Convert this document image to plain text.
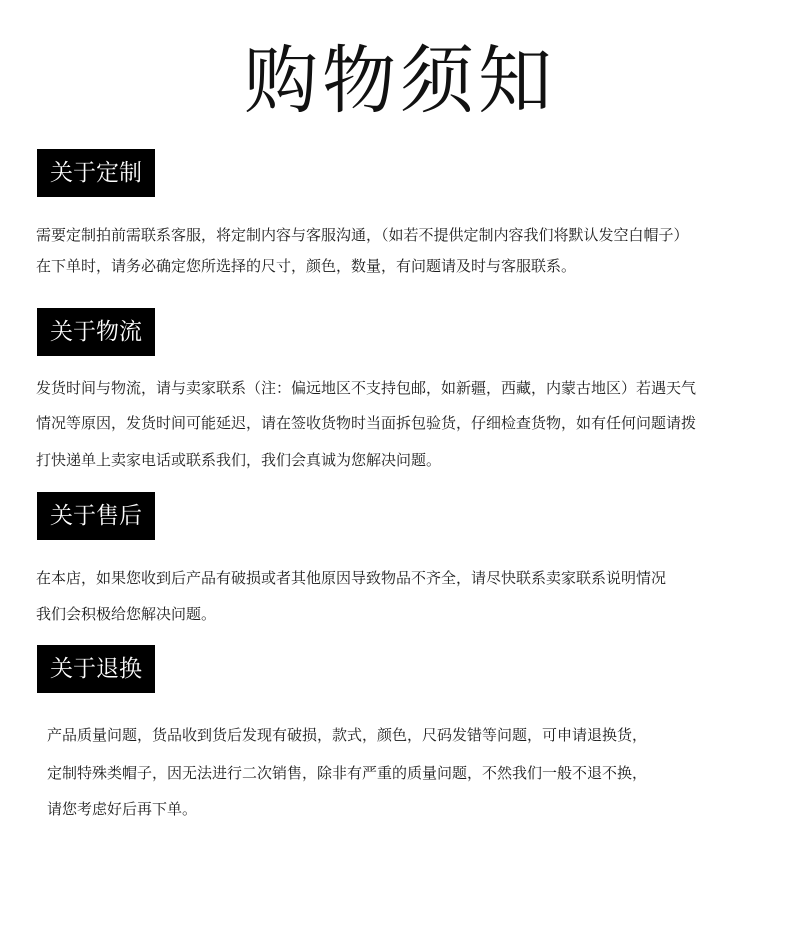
购物须知
关于定制
需要定制拍前需联系客服，将定制内容与客服沟通，（如若不提供定制内容我们将默认发空白帽子）
在下单时，请务必确定您所选择的尺寸，颜色，数量，有问题请及时与客服联系。
关于物流
发货时间与物流，请与卖家联系（注：偏远地区不支持包邮，如新疆，西藏，内蒙古地区）若遇天气
情况等原因，发货时间可能延迟，请在签收货物时当面拆包验货，仔细检查货物，如有任何问题请拨
打快递单上卖家电话或联系我们，我们会真诚为您解决问题。
关于售后
在本店，如果您收到后产品有破损或者其他原因导致物品不齐全，请尽快联系卖家联系说明情况
我们会积极给您解决问题。
关于退换
产品质量问题，货品收到货后发现有破损，款式，颜色，尺码发错等问题，可申请退换货，
定制特殊类帽子，因无法进行二次销售，除非有严重的质量问题，不然我们一般不退不换，
请您考虑好后再下单。
